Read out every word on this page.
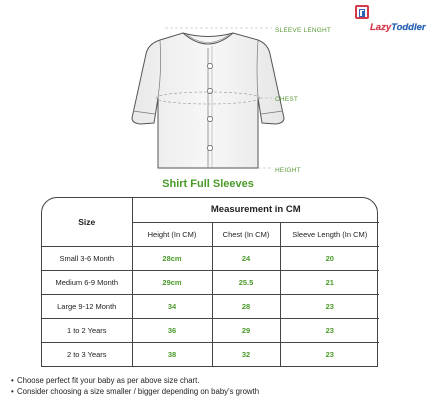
SLEEVE LENGHT
CHEST
HEIGHT
LazyToddler
Shirt Full Sleeves
Size	Measurement in CM		
	Height (In CM)	Chest (In CM)	Sleeve Length (In CM)
Small 3-6 Month	28cm	24	20
Medium 6-9 Month	29cm	25.5	21
Large 9-12 Month	34	28	23
1 to 2 Years	36	29	23
2 to 3 Years	38	32	23
• Choose perfect fit your baby as per above size chart.
• Consider choosing a size smaller / bigger depending on baby's growth
